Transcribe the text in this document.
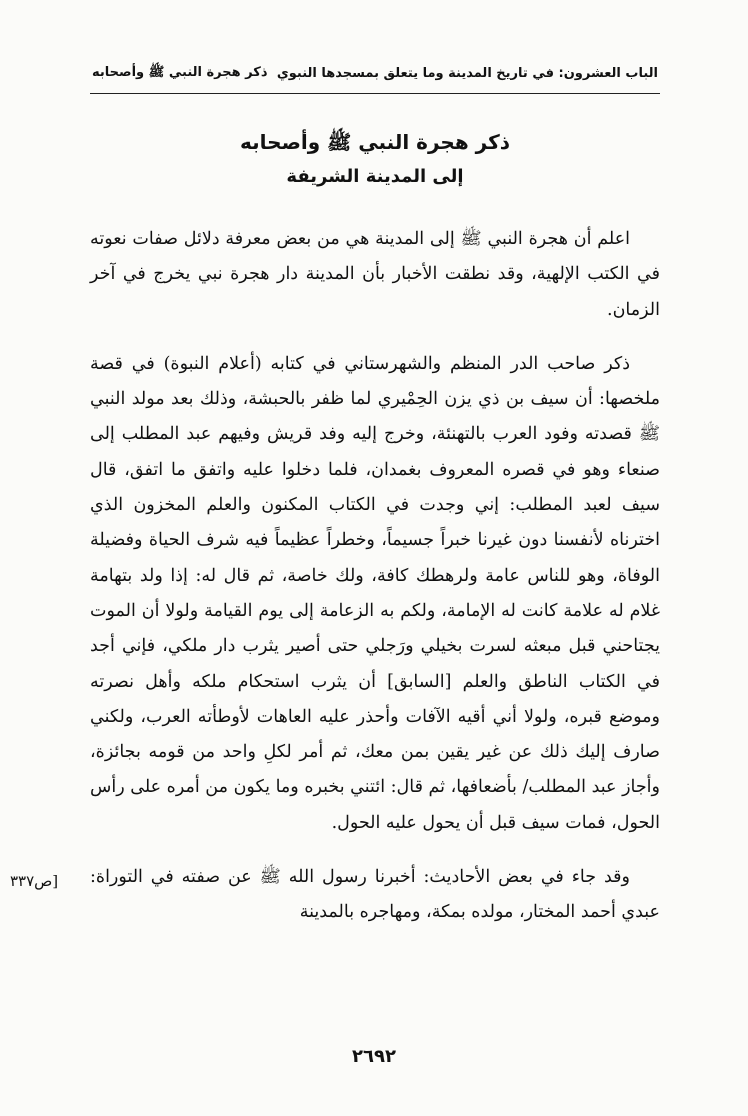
الباب العشرون: في تاريخ المدينة وما يتعلق بمسجدها النبوي
ذكر هجرة النبي ﷺ وأصحابه
ذكر هجرة النبي ﷺ وأصحابه
إلى المدينة الشريفة

اعلم أن هجرة النبي ﷺ إلى المدينة هي من بعض معرفة دلائل صفات نعوته في الكتب الإلهية، وقد نطقت الأخبار بأن المدينة دار هجرة نبي يخرج في آخر الزمان.

ذكر صاحب الدر المنظم والشهرستاني في كتابه (أعلام النبوة) في قصة ملخصها: أن سيف بن ذي يزن الحِمْيري لما ظفر بالحبشة، وذلك بعد مولد النبي ﷺ قصدته وفود العرب بالتهنئة، وخرج إليه وفد قريش وفيهم عبد المطلب إلى صنعاء وهو في قصره المعروف بغمدان، فلما دخلوا عليه واتفق ما اتفق، قال سيف لعبد المطلب: إني وجدت في الكتاب المكنون والعلم المخزون الذي اخترناه لأنفسنا دون غيرنا خبراً جسيماً، وخطراً عظيماً فيه شرف الحياة وفضيلة الوفاة، وهو للناس عامة ولرهطك كافة، ولك خاصة، ثم قال له: إذا ولد بتهامة غلام له علامة كانت له الإمامة، ولكم به الزعامة إلى يوم القيامة ولولا أن الموت يجتاحني قبل مبعثه لسرت بخيلي ورَجلي حتى أصير يثرب دار ملكي، فإني أجد في الكتاب الناطق والعلم [السابق] أن يثرب استحكام ملكه وأهل نصرته وموضع قبره، ولولا أني أقيه الآفات وأحذر عليه العاهات لأوطأته العرب، ولكني صارف إليك ذلك عن غير يقين بمن معك، ثم أمر لكلِ واحد من قومه بجائزة، وأجاز عبد المطلب/ بأضعافها، ثم قال: ائتني بخبره وما يكون من أمره على رأس الحول، فمات سيف قبل أن يحول عليه الحول.

وقد جاء في بعض الأحاديث: أخبرنا رسول الله ﷺ عن صفته في التوراة: عبدي أحمد المختار، مولده بمكة، ومهاجره بالمدينة

[ص٣٣٧
٢٦٩٢
